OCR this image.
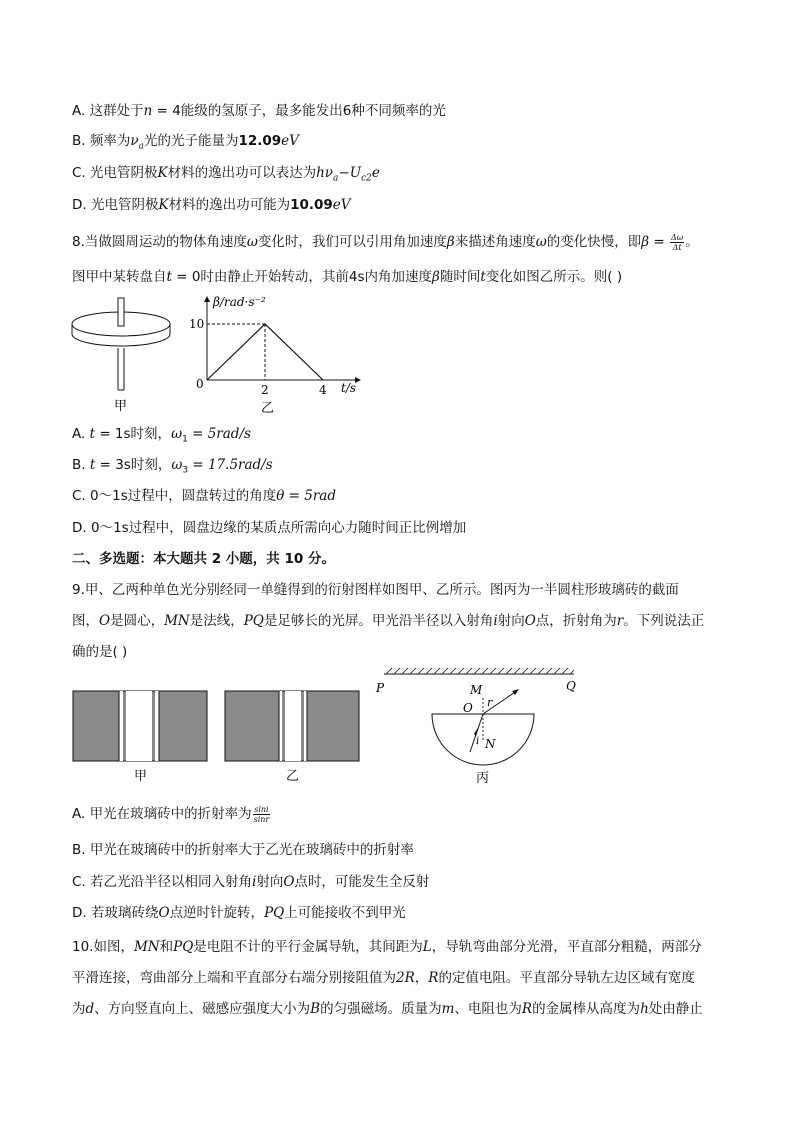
A. 这群处于n = 4能级的氢原子，最多能发出6种不同频率的光
B. 频率为$\nu_a$光的光子能量为12.09eV
C. 光电管阴极K材料的逸出功可以表达为$h\nu_a-U_{c2}e$
D. 光电管阴极K材料的逸出功可能为10.09eV
8.当做圆周运动的物体角速度ω变化时，我们可以引用角加速度β来描述角速度ω的变化快慢，即$\beta = \frac{\Delta\omega}{\Delta t}$ 。
图甲中某转盘自t = 0时由静止开始转动，其前4s内角加速度β随时间t变化如图乙所示。则( )
甲
β/rad·s⁻²
t/s
0
10
2	4
乙
A. t = 1s时刻，$\omega_1 = 5rad/s$
B. t = 3s时刻，$\omega_3 = 17.5rad/s$
C. 0～1s过程中，圆盘转过的角度θ = 5rad
D. 0～1s过程中，圆盘边缘的某质点所需向心力随时间正比例增加
二、多选题：本大题共 2 小题，共 10 分。
9.甲、乙两种单色光分别经同一单缝得到的衍射图样如图甲、乙所示。图丙为一半圆柱形玻璃砖的截面
图，O是圆心，MN是法线，PQ是足够长的光屏。甲光沿半径以入射角i射向O点，折射角为r。下列说法正
确的是( )
甲	乙
P	Q
M
O r
i N
丙
A. 甲光在玻璃砖中的折射率为 $\frac{\sin i}{\sin r}$
B. 甲光在玻璃砖中的折射率大于乙光在玻璃砖中的折射率
C. 若乙光沿半径以相同入射角i射向O点时，可能发生全反射
D. 若玻璃砖绕O点逆时针旋转，PQ上可能接收不到甲光
10.如图，MN和PQ是电阻不计的平行金属导轨，其间距为L，导轨弯曲部分光滑，平直部分粗糙，两部分
平滑连接，弯曲部分上端和平直部分右端分别接阻值为2R，R的定值电阻。平直部分导轨左边区域有宽度
为d、方向竖直向上、磁感应强度大小为B的匀强磁场。质量为m、电阻也为R的金属棒从高度为h处由静止
